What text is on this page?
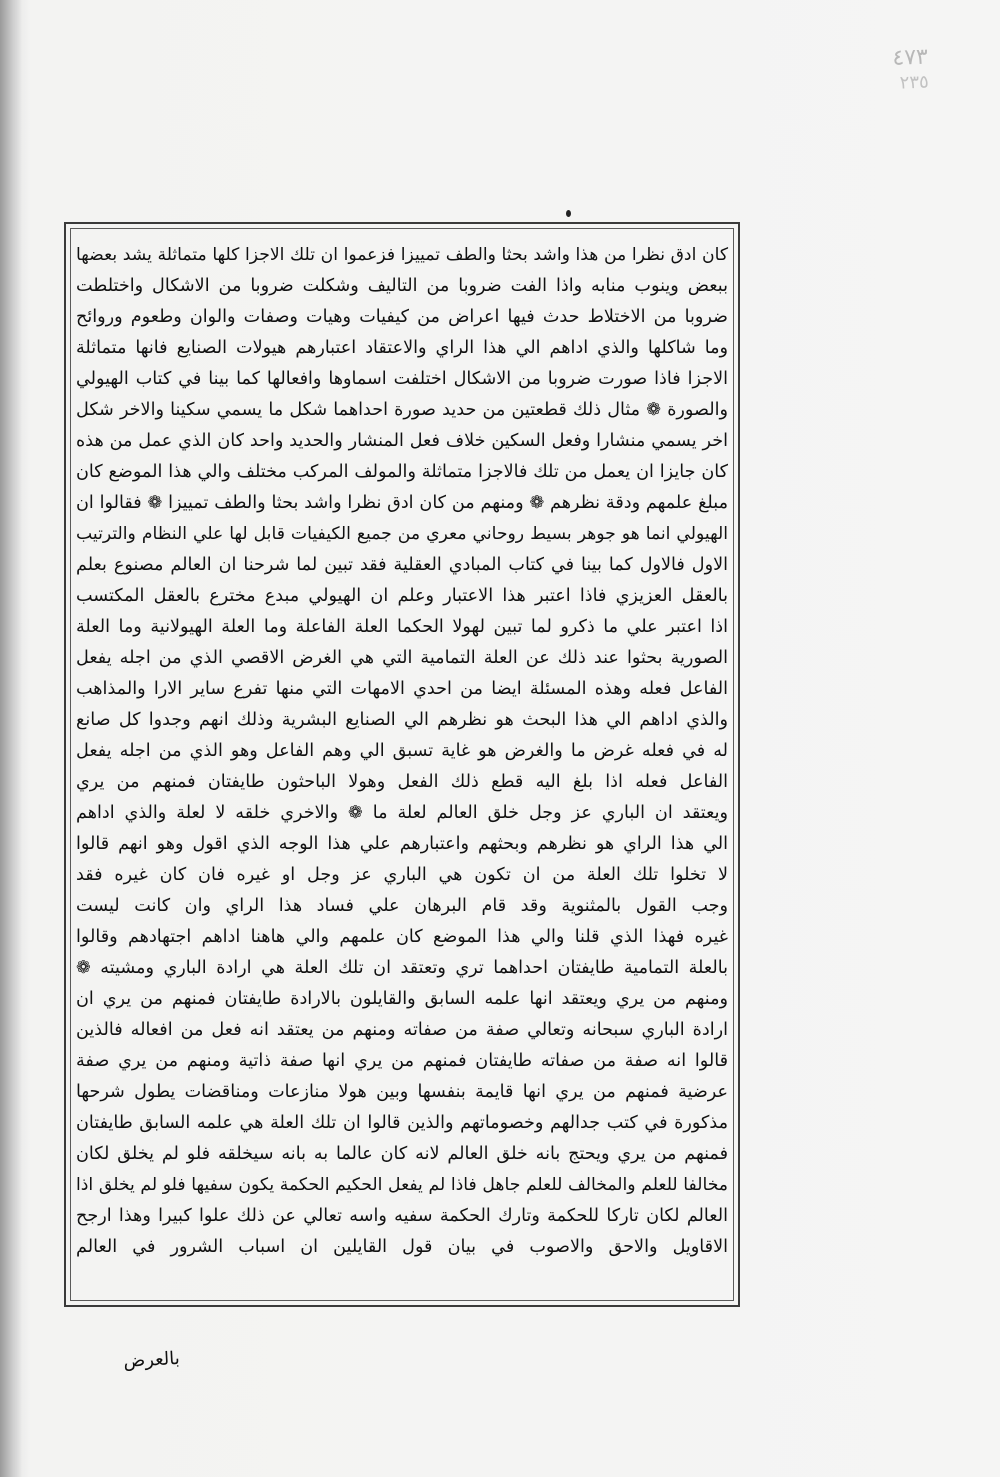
٤٧٣
٢٣٥
كان ادق نظرا من هذا واشد بحثا والطف تمييزا فزعموا ان تلك الاجزا كلها متماثلة يشد بعضها
ببعض وينوب منابه واذا الفت ضروبا من التاليف وشكلت ضروبا من الاشكال واختلطت
ضروبا من الاختلاط حدث فيها اعراض من كيفيات وهيات وصفات والوان وطعوم وروائح
وما شاكلها والذي اداهم الي هذا الراي والاعتقاد اعتبارهم هيولات الصنايع فانها متماثلة
الاجزا فاذا صورت ضروبا من الاشكال اختلفت اسماوها وافعالها كما بينا في كتاب الهيولي
والصورة ❁ مثال ذلك قطعتين من حديد صورة احداهما شكل ما يسمي سكينا والاخر شكل
اخر يسمي منشارا وفعل السكين خلاف فعل المنشار والحديد واحد كان الذي عمل من هذه
كان جايزا ان يعمل من تلك فالاجزا متماثلة والمولف المركب مختلف والي هذا الموضع كان
مبلغ علمهم ودقة نظرهم ❁ ومنهم من كان ادق نظرا واشد بحثا والطف تمييزا ❁ فقالوا ان
الهيولي انما هو جوهر بسيط روحاني معري من جميع الكيفيات قابل لها علي النظام والترتيب
الاول فالاول كما بينا في كتاب المبادي العقلية فقد تبين لما شرحنا ان العالم مصنوع بعلم
بالعقل العزيزي فاذا اعتبر هذا الاعتبار وعلم ان الهيولي مبدع مخترع بالعقل المكتسب
اذا اعتبر علي ما ذكرو لما تبين لهولا الحكما العلة الفاعلة وما العلة الهيولانية وما العلة
الصورية بحثوا عند ذلك عن العلة التمامية التي هي الغرض الاقصي الذي من اجله يفعل
الفاعل فعله وهذه المسئلة ايضا من احدي الامهات التي منها تفرع ساير الارا والمذاهب
والذي اداهم الي هذا البحث هو نظرهم الي الصنايع البشرية وذلك انهم وجدوا كل صانع
له في فعله غرض ما والغرض هو غاية تسبق الي وهم الفاعل وهو الذي من اجله يفعل
الفاعل فعله اذا بلغ اليه قطع ذلك الفعل وهولا الباحثون طايفتان فمنهم من يري
ويعتقد ان الباري عز وجل خلق العالم لعلة ما ❁ والاخري خلقه لا لعلة والذي اداهم
الي هذا الراي هو نظرهم وبحثهم واعتبارهم علي هذا الوجه الذي اقول وهو انهم قالوا
لا تخلوا تلك العلة من ان تكون هي الباري عز وجل او غيره فان كان غيره فقد
وجب القول بالمثنوية وقد قام البرهان علي فساد هذا الراي وان كانت ليست
غيره فهذا الذي قلنا والي هذا الموضع كان علمهم والي هاهنا اداهم اجتهادهم وقالوا
بالعلة التمامية طايفتان احداهما تري وتعتقد ان تلك العلة هي ارادة الباري ومشيته ❁
ومنهم من يري ويعتقد انها علمه السابق والقايلون بالارادة طايفتان فمنهم من يري ان
ارادة الباري سبحانه وتعالي صفة من صفاته ومنهم من يعتقد انه فعل من افعاله فالذين
قالوا انه صفة من صفاته طايفتان فمنهم من يري انها صفة ذاتية ومنهم من يري صفة
عرضية فمنهم من يري انها قايمة بنفسها وبين هولا منازعات ومناقضات يطول شرحها
مذكورة في كتب جدالهم وخصوماتهم والذين قالوا ان تلك العلة هي علمه السابق طايفتان
فمنهم من يري ويحتج بانه خلق العالم لانه كان عالما به بانه سيخلقه فلو لم يخلق لكان
مخالفا للعلم والمخالف للعلم جاهل فاذا لم يفعل الحكيم الحكمة يكون سفيها فلو لم يخلق اذا
العالم لكان تاركا للحكمة وتارك الحكمة سفيه واسه تعالي عن ذلك علوا كبيرا وهذا ارجح
الاقاويل والاحق والاصوب في بيان قول القايلين ان اسباب الشرور في العالم
بالعرض
